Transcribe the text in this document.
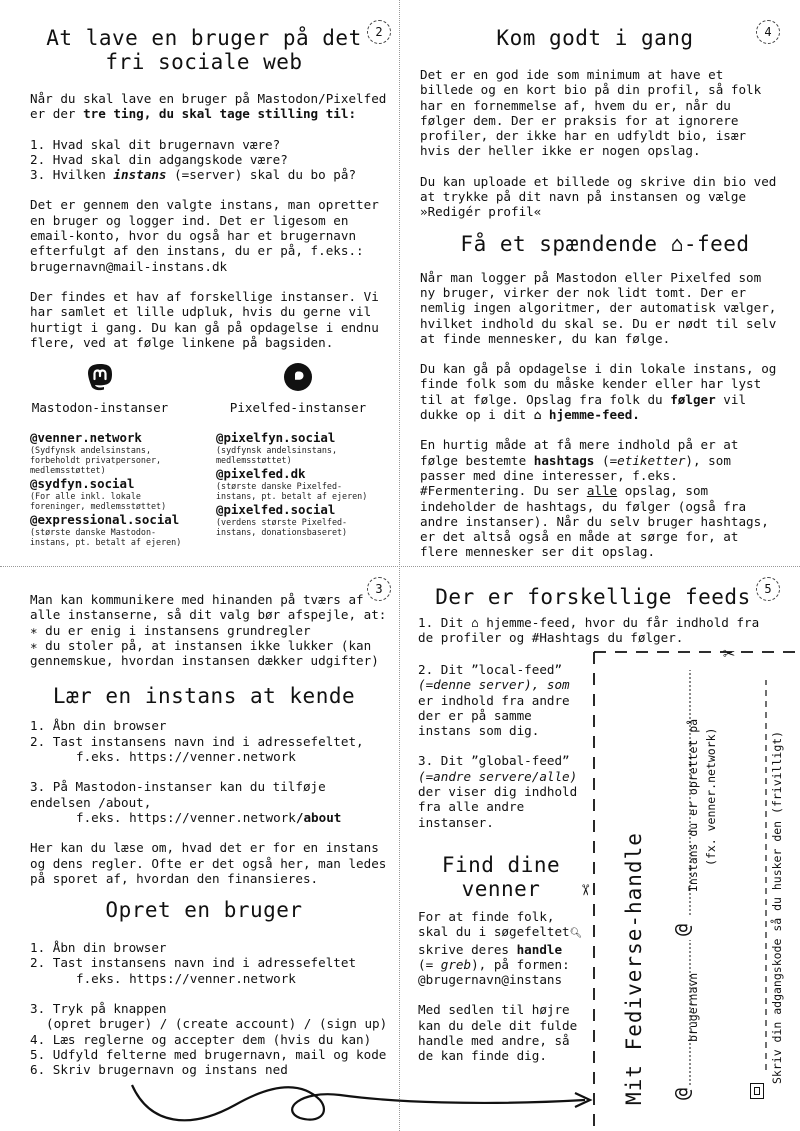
2
At lave en bruger på det
fri sociale web

Når du skal lave en bruger på Mastodon/Pixelfed
er der tre ting, du skal tage stilling til:

1. Hvad skal dit brugernavn være?
2. Hvad skal din adgangskode være?
3. Hvilken instans (=server) skal du bo på?

Det er gennem den valgte instans, man opretter
en bruger og logger ind. Det er ligesom en
email-konto, hvor du også har et brugernavn
efterfulgt af den instans, du er på, f.eks.:
brugernavn@mail-instans.dk

Der findes et hav af forskellige instanser. Vi
har samlet et lille udpluk, hvis du gerne vil
hurtigt i gang. Du kan gå på opdagelse i endnu
flere, ved at følge linkene på bagsiden.

Mastodon-instanser
@venner.network
(Sydfynsk andelsinstans,
forbeholdt privatpersoner,
medlemsstøttet)
@sydfyn.social
(For alle inkl. lokale
foreninger, medlemsstøttet)
@expressional.social
(største danske Mastodon-
instans, pt. betalt af ejeren)
Pixelfed-instanser
@pixelfyn.social
(sydfynsk andelsinstans,
medlemsstøttet)
@pixelfed.dk
(største danske Pixelfed-
instans, pt. betalt af ejeren)
@pixelfed.social
(verdens største Pixelfed-
instans, donationsbaseret)
4
Kom godt i gang

Det er en god ide som minimum at have et
billede og en kort bio på din profil, så folk
har en fornemmelse af, hvem du er, når du
følger dem. Der er praksis for at ignorere
profiler, der ikke har en udfyldt bio, især
hvis der heller ikke er nogen opslag.

Du kan uploade et billede og skrive din bio ved
at trykke på dit navn på instansen og vælge
»Redigér profil«

Få et spændende ⌂-feed

Når man logger på Mastodon eller Pixelfed som
ny bruger, virker der nok lidt tomt. Der er
nemlig ingen algoritmer, der automatisk vælger,
hvilket indhold du skal se. Du er nødt til selv
at finde mennesker, du kan følge.

Du kan gå på opdagelse i din lokale instans, og
finde folk som du måske kender eller har lyst
til at følge. Opslag fra folk du følger vil
dukke op i dit ⌂ hjemme-feed.

En hurtig måde at få mere indhold på er at
følge bestemte hashtags (=etiketter), som
passer med dine interesser, f.eks.
#Fermentering. Du ser alle opslag, som
indeholder de hashtags, du følger (også fra
andre instanser). Når du selv bruger hashtags,
er det altså også en måde at sørge for, at
flere mennesker ser dit opslag.

3

Man kan kommunikere med hinanden på tværs af
alle instanserne, så dit valg bør afspejle, at:
∗ du er enig i instansens grundregler
∗ du stoler på, at instansen ikke lukker (kan
gennemskue, hvordan instansen dækker udgifter)

Lær en instans at kende
1. Åbn din browser
2. Tast instansens navn ind i adressefeltet,
f.eks. https://venner.network
3. På Mastodon-instanser kan du tilføje
endelsen /about,
f.eks. https://venner.network/about

Her kan du læse om, hvad det er for en instans
og dens regler. Ofte er det også her, man ledes
på sporet af, hvordan den finansieres.

Opret en bruger
1. Åbn din browser
2. Tast instansens navn ind i adressefeltet
f.eks. https://venner.network
3. Tryk på knappen
(opret bruger) / (create account) / (sign up)
4. Læs reglerne og accepter dem (hvis du kan)
5. Udfyld felterne med brugernavn, mail og kode
6. Skriv brugernavn og instans ned
5
Der er forskellige feeds

1. Dit ⌂ hjemme-feed, hvor du får indhold fra
de profiler og #Hashtags du følger.

2. Dit ”local-feed”
(=denne server), som
er indhold fra andre
der er på samme
instans som dig.

3. Dit ”global-feed”
(=andre servere/alle)
der viser dig indhold
fra alle andre
instanser.

Find dine
venner

For at finde folk,
skal du i søgefeltet🔍︎
skrive deres handle
(= greb), på formen:
@brugernavn@instans

Med sedlen til højre
kan du dele dit fulde
handle med andre, så
de kan finde dig.

✂
✂ Mit Fediverse-handle @
brugernavn
@
Instans du er oprettet på (fx. venner.network)	Skriv din adgangskode så du husker den (frivilligt)
